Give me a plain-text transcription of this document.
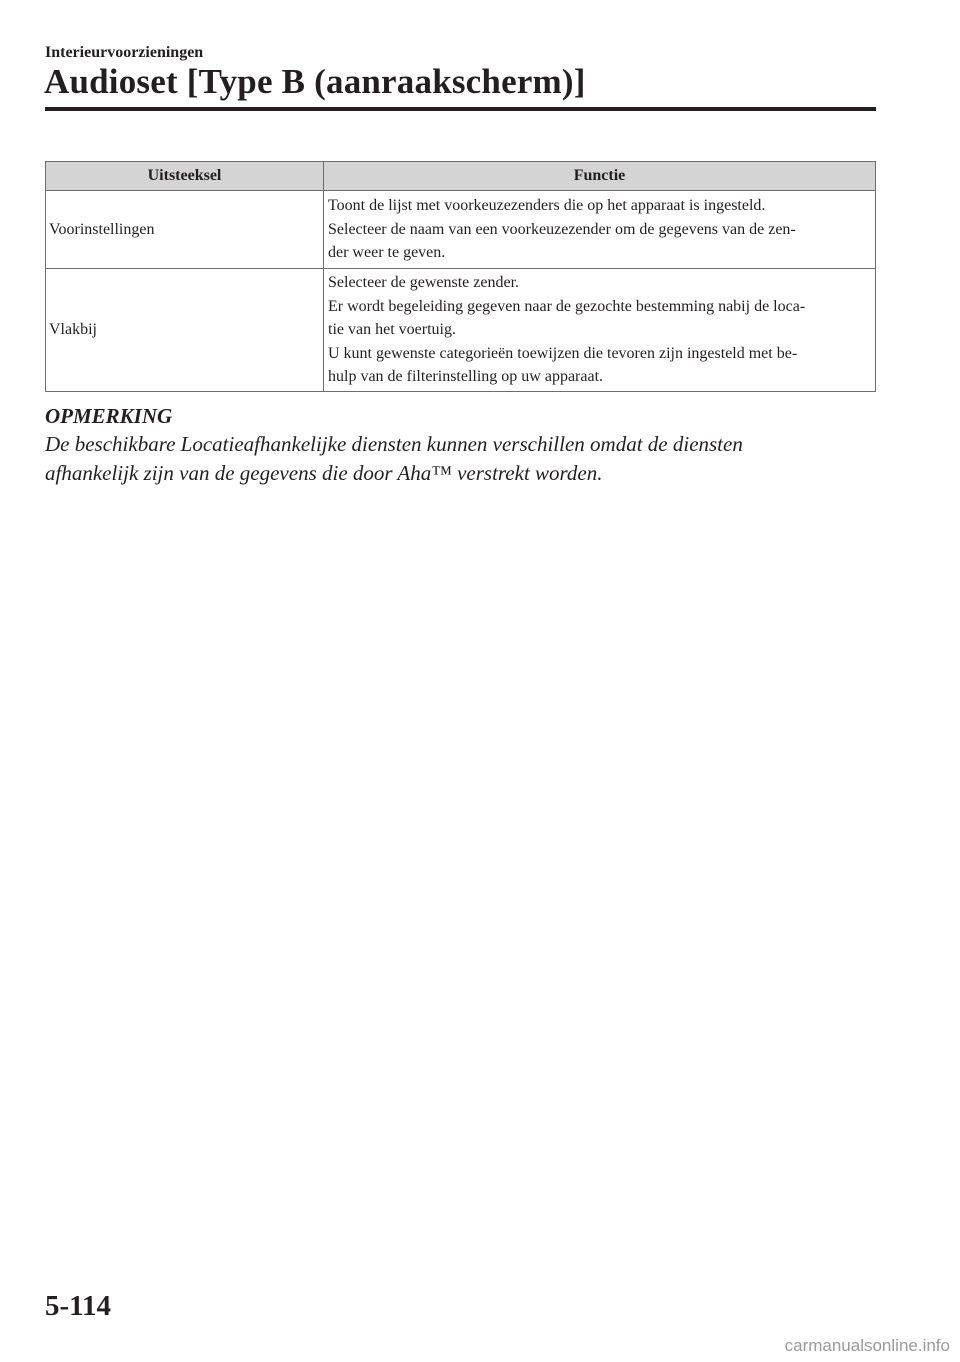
Interieurvoorzieningen
Audioset [Type B (aanraakscherm)]
Uitsteeksel	Functie
Voorinstellingen	Toont de lijst met voorkeuzezenders die op het apparaat is ingesteld.
Selecteer de naam van een voorkeuzezender om de gegevens van de zen-
der weer te geven.

Vlakbij	Selecteer de gewenste zender.
Er wordt begeleiding gegeven naar de gezochte bestemming nabij de loca-
tie van het voertuig.
U kunt gewenste categorieën toewijzen die tevoren zijn ingesteld met be-
hulp van de filterinstelling op uw apparaat.
OPMERKING
De beschikbare Locatieafhankelijke diensten kunnen verschillen omdat de diensten
afhankelijk zijn van de gegevens die door Aha™ verstrekt worden.
5-114
carmanualsonline.info
